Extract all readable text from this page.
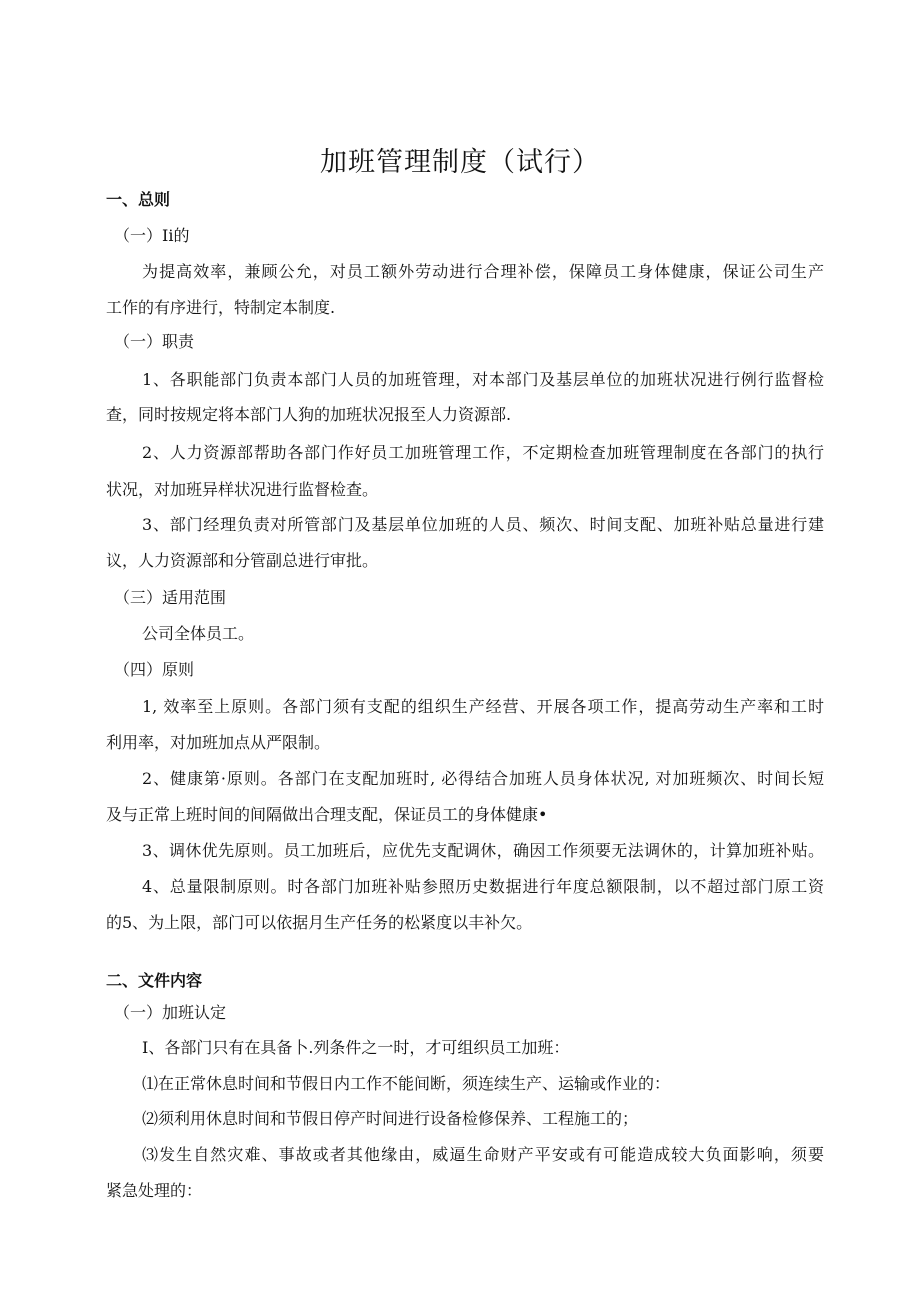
加班管理制度（试行）
一、总则
（一）Ii的
为提高效率，兼顾公允，对员工额外劳动进行合理补偿，保障员工身体健康，保证公司生产
工作的有序进行，特制定本制度.
（一）职责
1、各职能部门负责本部门人员的加班管理，对本部门及基层单位的加班状况进行例行监督检
查，同时按规定将本部门人狗的加班状况报至人力资源部.
2、人力资源部帮助各部门作好员工加班管理工作，不定期检查加班管理制度在各部门的执行
状况，对加班异样状况进行监督检查。
3、部门经理负责对所管部门及基层单位加班的人员、频次、时间支配、加班补贴总量进行建
议，人力资源部和分管副总进行审批。
（三）适用范围
公司全体员工。
（四）原则
1, 效率至上原则。各部门须有支配的组织生产经营、开展各项工作，提高劳动生产率和工时
利用率，对加班加点从严限制。
2、健康第·原则。各部门在支配加班时, 必得结合加班人员身体状况, 对加班频次、时间长短
及与正常上班时间的间隔做出合理支配，保证员工的身体健康•
3、调休优先原则。员工加班后，应优先支配调休，确因工作须要无法调休的，计算加班补贴。
4、总量限制原则。时各部门加班补贴参照历史数据进行年度总额限制，以不超过部门原工资
的5、为上限，部门可以依据月生产任务的松紧度以丰补欠。
二、文件内容
（一）加班认定
I、各部门只有在具备卜.列条件之一时，才可组织员工加班：
⑴在正常休息时间和节假日内工作不能间断，须连续生产、运输或作业的：
⑵须利用休息时间和节假日停产时间进行设备检修保养、工程施工的；
⑶发生自然灾难、事故或者其他缘由，威逼生命财产平安或有可能造成较大负面影响，须要
紧急处理的：
